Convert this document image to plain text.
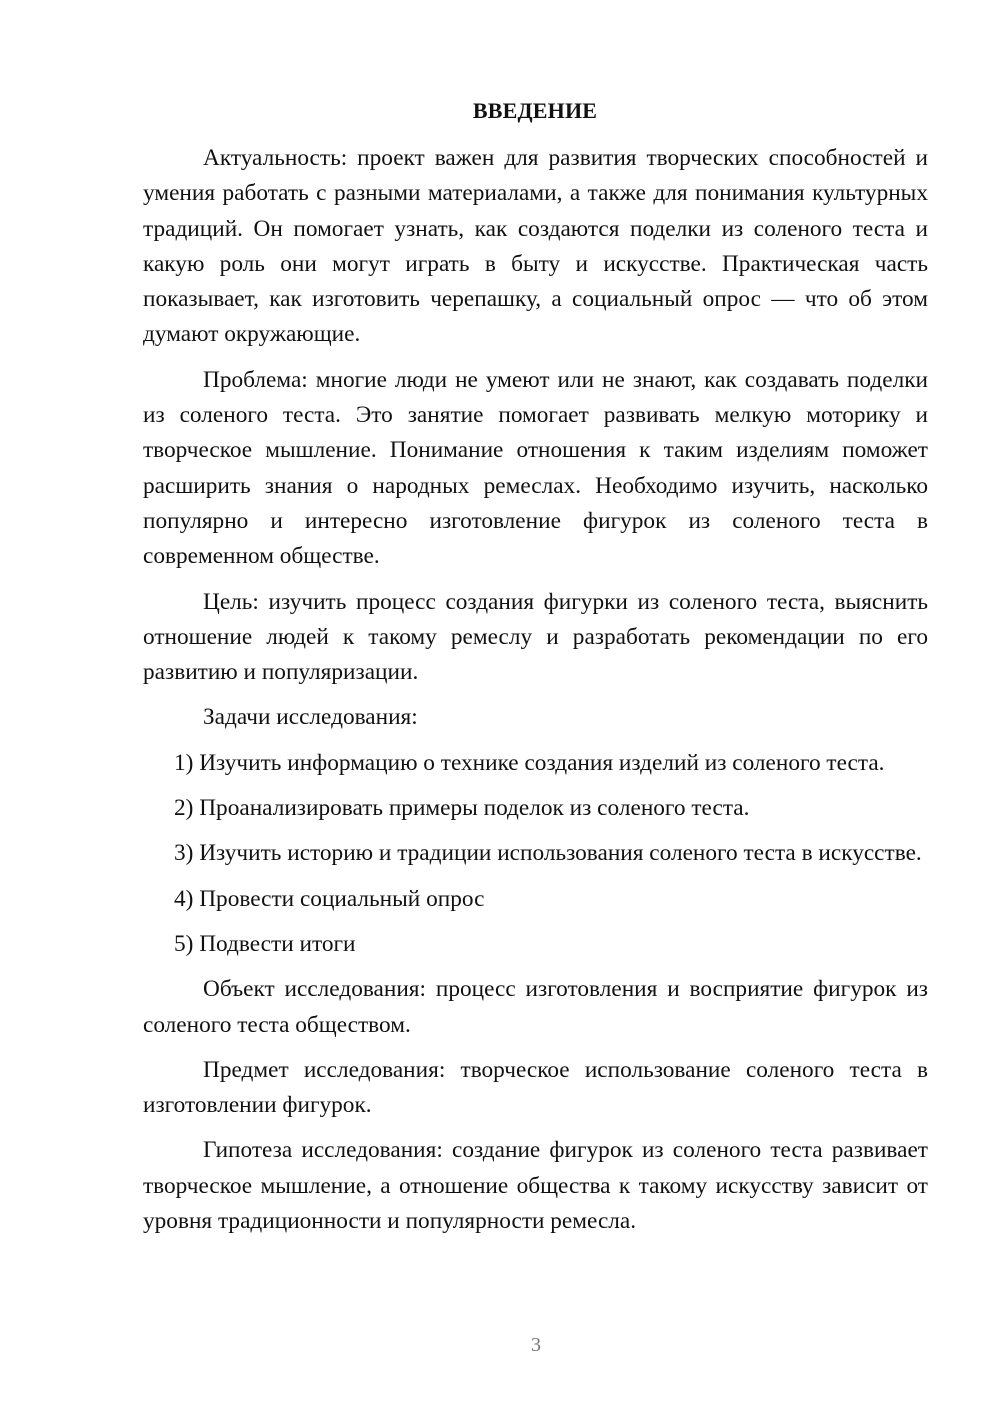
ВВЕДЕНИЕ

Актуальность: проект важен для развития творческих способностей и умения работать с разными материалами, а также для понимания культурных традиций. Он помогает узнать, как создаются поделки из соленого теста и какую роль они могут играть в быту и искусстве. Практическая часть показывает, как изготовить черепашку, а социальный опрос — что об этом думают окружающие.

Проблема: многие люди не умеют или не знают, как создавать поделки из соленого теста. Это занятие помогает развивать мелкую моторику и творческое мышление. Понимание отношения к таким изделиям поможет расширить знания о народных ремеслах. Необходимо изучить, насколько популярно и интересно изготовление фигурок из соленого теста в современном обществе.

Цель: изучить процесс создания фигурки из соленого теста, выяснить отношение людей к такому ремеслу и разработать рекомендации по его развитию и популяризации.

Задачи исследования:

1) Изучить информацию о технике создания изделий из соленого теста.

2) Проанализировать примеры поделок из соленого теста.

3) Изучить историю и традиции использования соленого теста в искусстве.

4) Провести социальный опрос

5) Подвести итоги

Объект исследования: процесс изготовления и восприятие фигурок из соленого теста обществом.

Предмет исследования: творческое использование соленого теста в изготовлении фигурок.

Гипотеза исследования: создание фигурок из соленого теста развивает творческое мышление, а отношение общества к такому искусству зависит от уровня традиционности и популярности ремесла.

3
